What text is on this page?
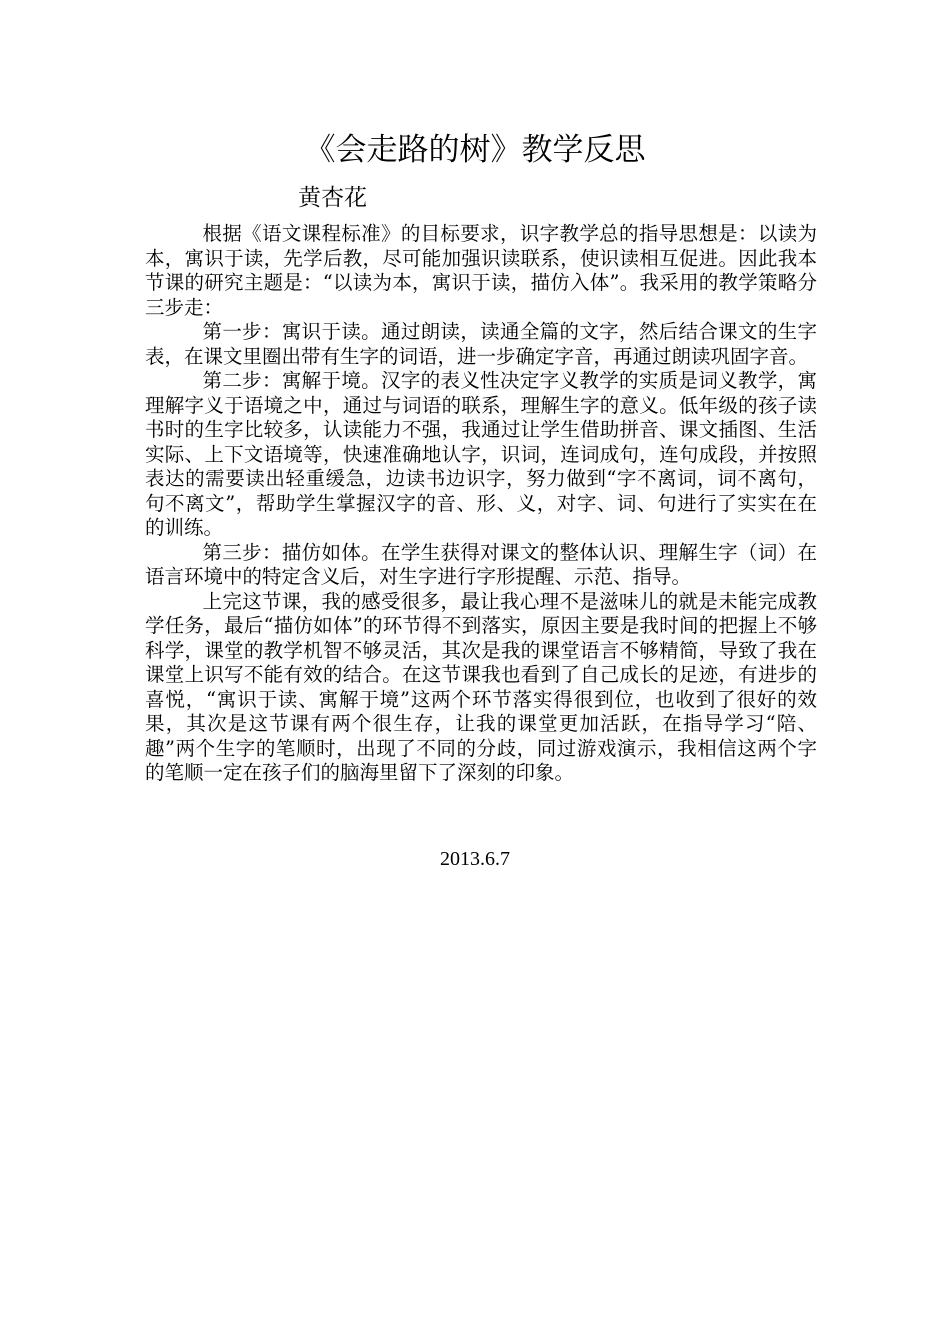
《会走路的树》教学反思
黄杏花

根据《语文课程标准》的目标要求，识字教学总的指导思想是：以读为本，寓识于读，先学后教，尽可能加强识读联系，使识读相互促进。因此我本节课的研究主题是：“以读为本，寓识于读，描仿入体”。我采用的教学策略分三步走：

第一步：寓识于读。通过朗读，读通全篇的文字，然后结合课文的生字表，在课文里圈出带有生字的词语，进一步确定字音，再通过朗读巩固字音。

第二步：寓解于境。汉字的表义性决定字义教学的实质是词义教学，寓理解字义于语境之中，通过与词语的联系，理解生字的意义。低年级的孩子读书时的生字比较多，认读能力不强，我通过让学生借助拼音、课文插图、生活实际、上下文语境等，快速准确地认字，识词，连词成句，连句成段，并按照表达的需要读出轻重缓急，边读书边识字，努力做到“字不离词，词不离句，句不离文”，帮助学生掌握汉字的音、形、义，对字、词、句进行了实实在在的训练。

第三步：描仿如体。在学生获得对课文的整体认识、理解生字（词）在语言环境中的特定含义后，对生字进行字形提醒、示范、指导。

上完这节课，我的感受很多，最让我心理不是滋味儿的就是未能完成教学任务，最后“描仿如体”的环节得不到落实，原因主要是我时间的把握上不够科学，课堂的教学机智不够灵活，其次是我的课堂语言不够精简，导致了我在课堂上识写不能有效的结合。在这节课我也看到了自己成长的足迹，有进步的喜悦，“寓识于读、寓解于境”这两个环节落实得很到位，也收到了很好的效果，其次是这节课有两个很生存，让我的课堂更加活跃，在指导学习“陪、趣”两个生字的笔顺时，出现了不同的分歧，同过游戏演示，我相信这两个字的笔顺一定在孩子们的脑海里留下了深刻的印象。

2013.6.7
